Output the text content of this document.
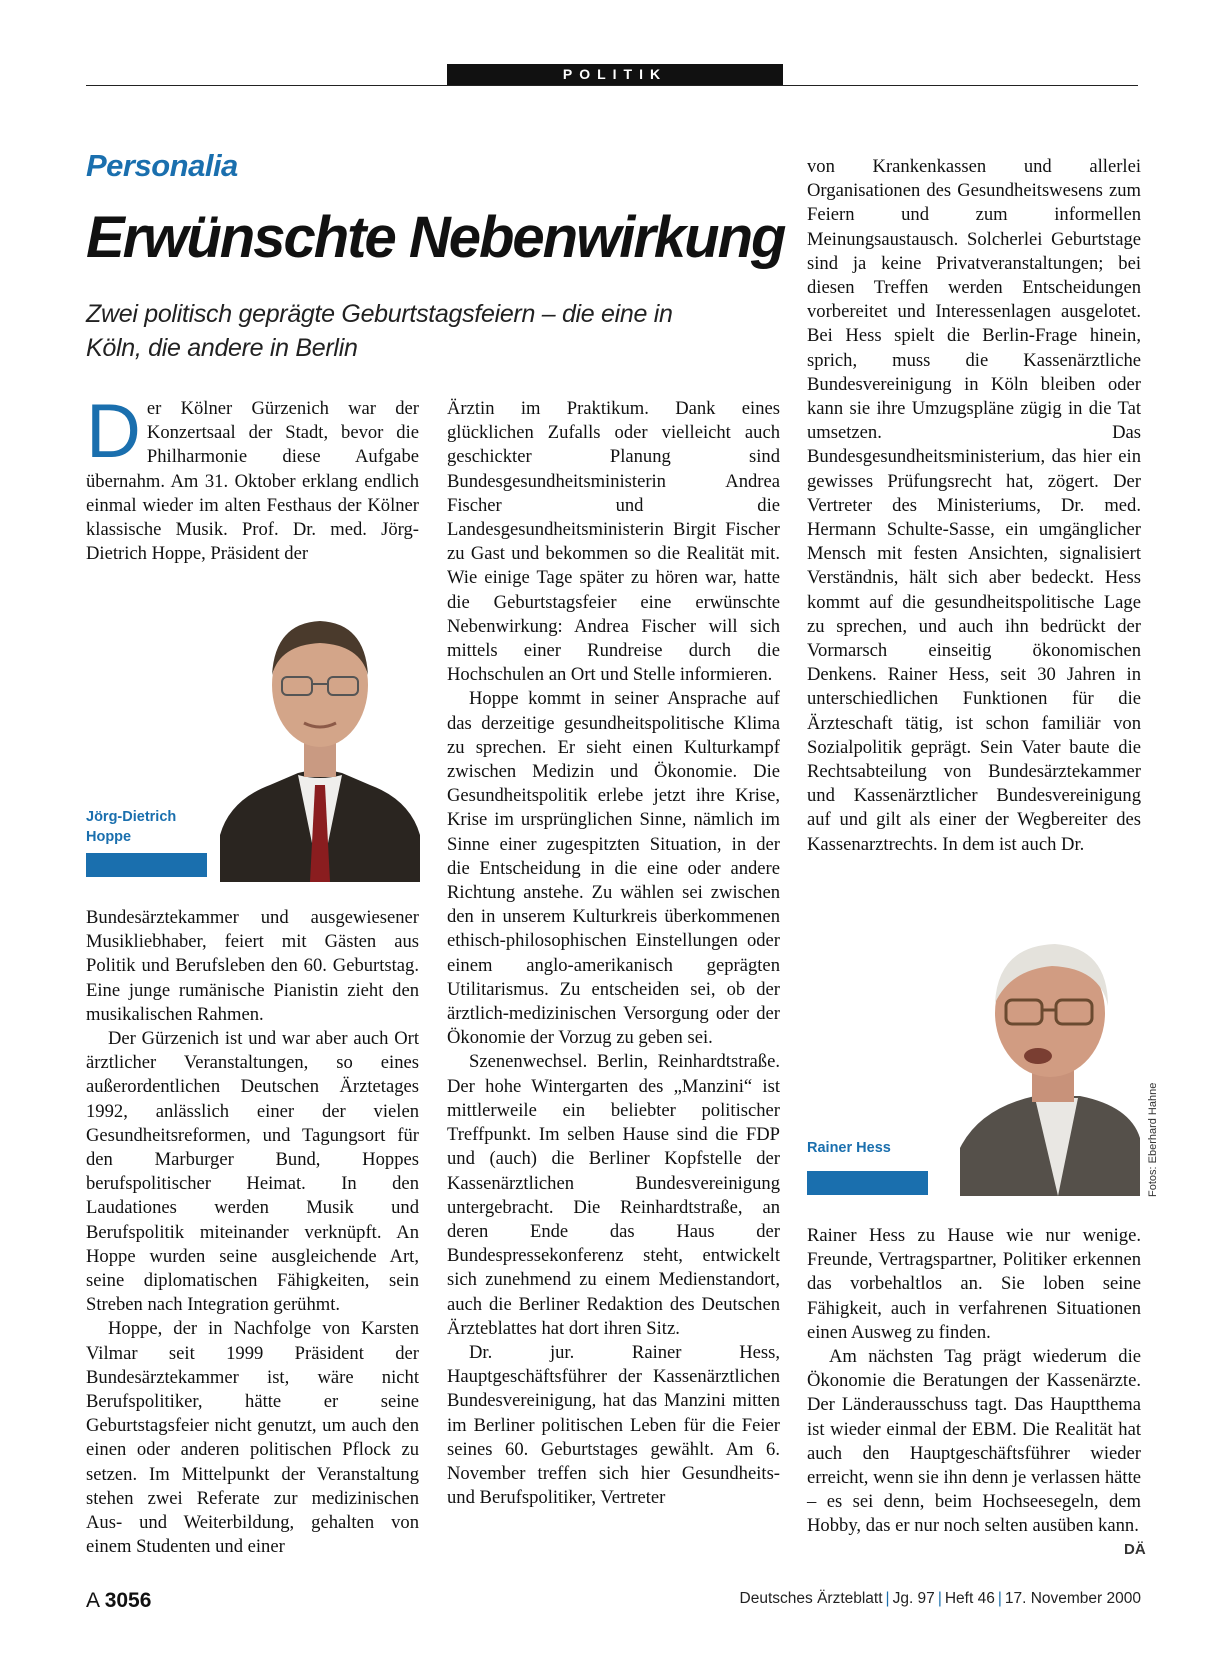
POLITIK
Personalia
Erwünschte Nebenwirkung
Zwei politisch geprägte Geburtstagsfeiern – die eine in Köln, die andere in Berlin

Der Kölner Gürzenich war der Konzertsaal der Stadt, bevor die Philharmonie diese Aufgabe übernahm. Am 31. Oktober erklang endlich einmal wieder im alten Festhaus der Kölner klassische Musik. Prof. Dr. med. Jörg-Dietrich Hoppe, Präsident der

Jörg-Dietrich Hoppe

Bundesärztekammer und ausgewiesener Musikliebhaber, feiert mit Gästen aus Politik und Berufsleben den 60. Geburtstag. Eine junge rumänische Pianistin zieht den musikalischen Rahmen.

Der Gürzenich ist und war aber auch Ort ärztlicher Veranstaltungen, so eines außerordentlichen Deutschen Ärztetages 1992, anlässlich einer der vielen Gesundheitsreformen, und Tagungsort für den Marburger Bund, Hoppes berufspolitischer Heimat. In den Laudationes werden Musik und Berufspolitik miteinander verknüpft. An Hoppe wurden seine ausgleichende Art, seine diplomatischen Fähigkeiten, sein Streben nach Integration gerühmt.

Hoppe, der in Nachfolge von Karsten Vilmar seit 1999 Präsident der Bundesärztekammer ist, wäre nicht Berufspolitiker, hätte er seine Geburtstagsfeier nicht genutzt, um auch den einen oder anderen politischen Pflock zu setzen. Im Mittelpunkt der Veranstaltung stehen zwei Referate zur medizinischen Aus- und Weiterbildung, gehalten von einem Studenten und einer

Ärztin im Praktikum. Dank eines glücklichen Zufalls oder vielleicht auch geschickter Planung sind Bundesgesundheitsministerin Andrea Fischer und die Landesgesundheitsministerin Birgit Fischer zu Gast und bekommen so die Realität mit. Wie einige Tage später zu hören war, hatte die Geburtstagsfeier eine erwünschte Nebenwirkung: Andrea Fischer will sich mittels einer Rundreise durch die Hochschulen an Ort und Stelle informieren.

Hoppe kommt in seiner Ansprache auf das derzeitige gesundheitspolitische Klima zu sprechen. Er sieht einen Kulturkampf zwischen Medizin und Ökonomie. Die Gesundheitspolitik erlebe jetzt ihre Krise, Krise im ursprünglichen Sinne, nämlich im Sinne einer zugespitzten Situation, in der die Entscheidung in die eine oder andere Richtung anstehe. Zu wählen sei zwischen den in unserem Kulturkreis überkommenen ethisch-philosophischen Einstellungen oder einem anglo-amerikanisch geprägten Utilitarismus. Zu entscheiden sei, ob der ärztlich-medizinischen Versorgung oder der Ökonomie der Vorzug zu geben sei.

Szenenwechsel. Berlin, Reinhardtstraße. Der hohe Wintergarten des „Manzini“ ist mittlerweile ein beliebter politischer Treffpunkt. Im selben Hause sind die FDP und (auch) die Berliner Kopfstelle der Kassenärztlichen Bundesvereinigung untergebracht. Die Reinhardtstraße, an deren Ende das Haus der Bundespressekonferenz steht, entwickelt sich zunehmend zu einem Medienstandort, auch die Berliner Redaktion des Deutschen Ärzteblattes hat dort ihren Sitz.

Dr. jur. Rainer Hess, Hauptgeschäftsführer der Kassenärztlichen Bundesvereinigung, hat das Manzini mitten im Berliner politischen Leben für die Feier seines 60. Geburtstages gewählt. Am 6. November treffen sich hier Gesundheits- und Berufspolitiker, Vertreter

von Krankenkassen und allerlei Organisationen des Gesundheitswesens zum Feiern und zum informellen Meinungsaustausch. Solcherlei Geburtstage sind ja keine Privatveranstaltungen; bei diesen Treffen werden Entscheidungen vorbereitet und Interessenlagen ausgelotet. Bei Hess spielt die Berlin-Frage hinein, sprich, muss die Kassenärztliche Bundesvereinigung in Köln bleiben oder kann sie ihre Umzugspläne zügig in die Tat umsetzen. Das Bundesgesundheitsministerium, das hier ein gewisses Prüfungsrecht hat, zögert. Der Vertreter des Ministeriums, Dr. med. Hermann Schulte-Sasse, ein umgänglicher Mensch mit festen Ansichten, signalisiert Verständnis, hält sich aber bedeckt. Hess kommt auf die gesundheitspolitische Lage zu sprechen, und auch ihn bedrückt der Vormarsch einseitig ökonomischen Denkens. Rainer Hess, seit 30 Jahren in unterschiedlichen Funktionen für die Ärzteschaft tätig, ist schon familiär von Sozialpolitik geprägt. Sein Vater baute die Rechtsabteilung von Bundesärztekammer und Kassenärztlicher Bundesvereinigung auf und gilt als einer der Wegbereiter des Kassenarztrechts. In dem ist auch Dr.

Rainer Hess	Fotos: Eberhard Hahne

Rainer Hess zu Hause wie nur wenige. Freunde, Vertragspartner, Politiker erkennen das vorbehaltlos an. Sie loben seine Fähigkeit, auch in verfahrenen Situationen einen Ausweg zu finden.

Am nächsten Tag prägt wiederum die Ökonomie die Beratungen der Kassenärzte. Der Länderausschuss tagt. Das Hauptthema ist wieder einmal der EBM. Die Realität hat auch den Hauptgeschäftsführer wieder erreicht, wenn sie ihn denn je verlassen hätte – es sei denn, beim Hochseesegeln, dem Hobby, das er nur noch selten ausüben kann.

DÄ
A 3056	Deutsches Ärzteblatt | Jg. 97 | Heft 46 | 17. November 2000
